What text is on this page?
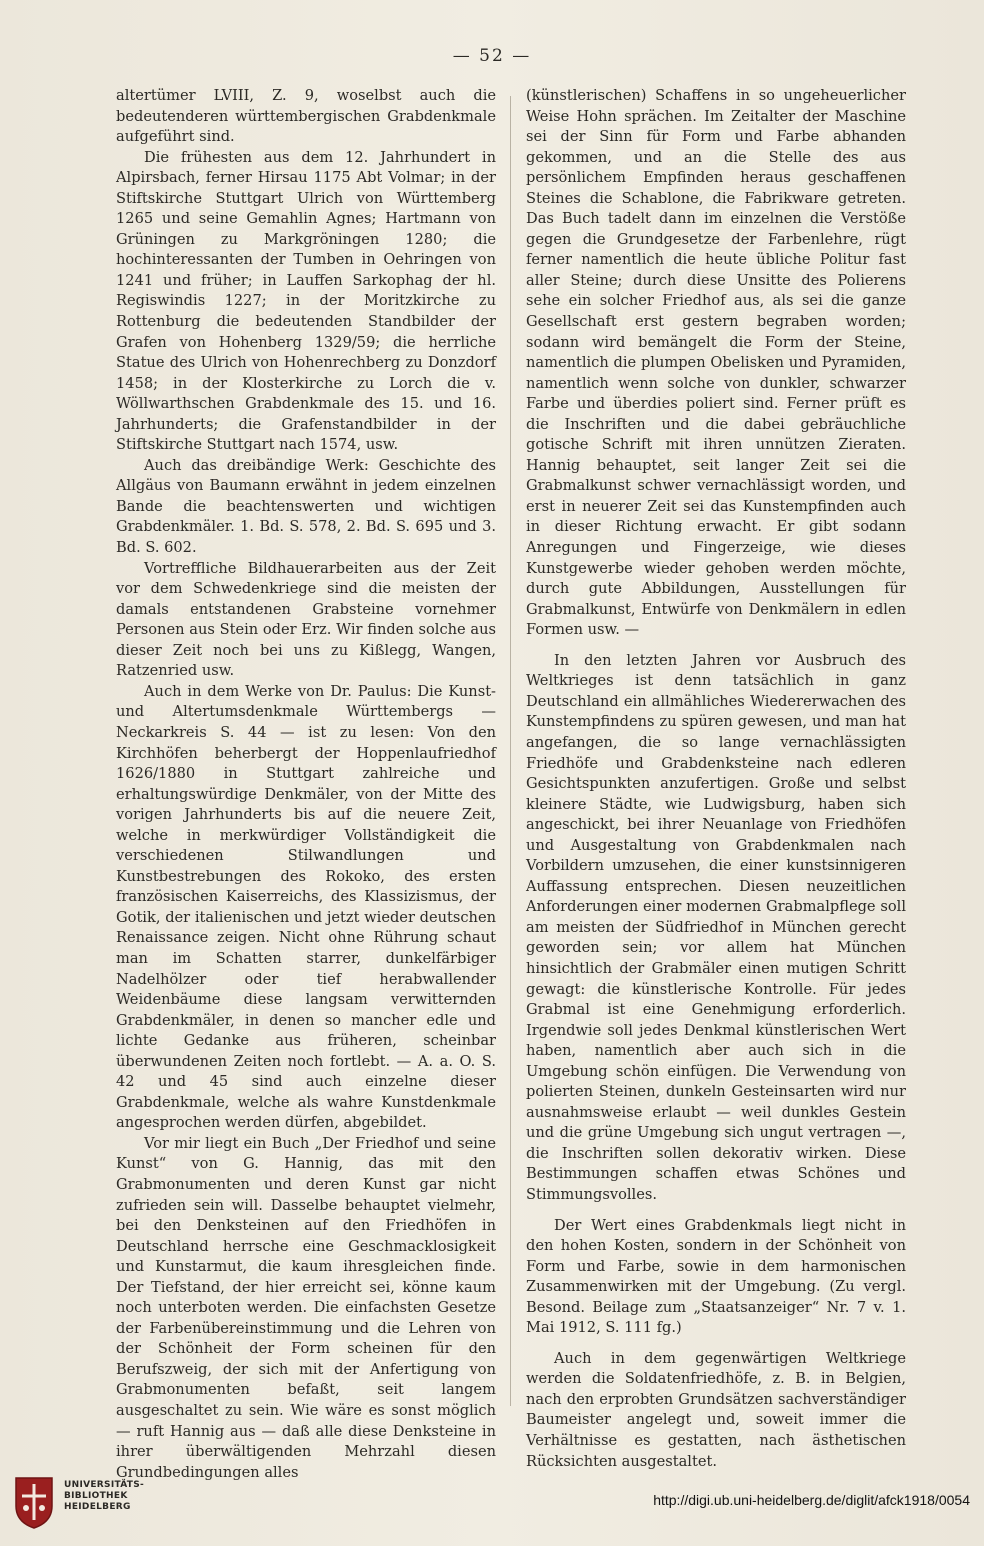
— 52 —

altertümer LVIII, Z. 9, woselbst auch die bedeutenderen württembergischen Grabdenkmale aufgeführt sind.

Die frühesten aus dem 12. Jahrhundert in Alpirsbach, ferner Hirsau 1175 Abt Volmar; in der Stiftskirche Stuttgart Ulrich von Württemberg 1265 und seine Gemahlin Agnes; Hartmann von Grüningen zu Markgröningen 1280; die hochinteressanten der Tumben in Oehringen von 1241 und früher; in Lauffen Sarkophag der hl. Regiswindis 1227; in der Moritzkirche zu Rottenburg die bedeutenden Standbilder der Grafen von Hohenberg 1329/59; die herrliche Statue des Ulrich von Hohenrechberg zu Donzdorf 1458; in der Klosterkirche zu Lorch die v. Wöllwarthschen Grabdenkmale des 15. und 16. Jahrhunderts; die Grafenstandbilder in der Stiftskirche Stuttgart nach 1574, usw.

Auch das dreibändige Werk: Geschichte des Allgäus von Baumann erwähnt in jedem einzelnen Bande die beachtenswerten und wichtigen Grabdenkmäler. 1. Bd. S. 578, 2. Bd. S. 695 und 3. Bd. S. 602.

Vortreffliche Bildhauerarbeiten aus der Zeit vor dem Schwedenkriege sind die meisten der damals entstandenen Grabsteine vornehmer Personen aus Stein oder Erz. Wir finden solche aus dieser Zeit noch bei uns zu Kißlegg, Wangen, Ratzenried usw.

Auch in dem Werke von Dr. Paulus: Die Kunst- und Altertumsdenkmale Württembergs — Neckarkreis S. 44 — ist zu lesen: Von den Kirchhöfen beherbergt der Hoppenlaufriedhof 1626/1880 in Stuttgart zahlreiche und erhaltungswürdige Denkmäler, von der Mitte des vorigen Jahrhunderts bis auf die neuere Zeit, welche in merkwürdiger Vollständigkeit die verschiedenen Stilwandlungen und Kunstbestrebungen des Rokoko, des ersten französischen Kaiserreichs, des Klassizismus, der Gotik, der italienischen und jetzt wieder deutschen Renaissance zeigen. Nicht ohne Rührung schaut man im Schatten starrer, dunkelfärbiger Nadelhölzer oder tief herabwallender Weidenbäume diese langsam verwitternden Grabdenkmäler, in denen so mancher edle und lichte Gedanke aus früheren, scheinbar überwundenen Zeiten noch fortlebt. — A. a. O. S. 42 und 45 sind auch einzelne dieser Grabdenkmale, welche als wahre Kunstdenkmale angesprochen werden dürfen, abgebildet.

Vor mir liegt ein Buch „Der Friedhof und seine Kunst“ von G. Hannig, das mit den Grabmonumenten und deren Kunst gar nicht zufrieden sein will. Dasselbe behauptet vielmehr, bei den Denksteinen auf den Friedhöfen in Deutschland herrsche eine Geschmacklosigkeit und Kunstarmut, die kaum ihresgleichen finde. Der Tiefstand, der hier erreicht sei, könne kaum noch unterboten werden. Die einfachsten Gesetze der Farbenübereinstimmung und die Lehren von der Schönheit der Form scheinen für den Berufszweig, der sich mit der Anfertigung von Grabmonumenten befaßt, seit langem ausgeschaltet zu sein. Wie wäre es sonst möglich — ruft Hannig aus — daß alle diese Denksteine in ihrer überwältigenden Mehrzahl diesen Grundbedingungen alles

(künstlerischen) Schaffens in so ungeheuerlicher Weise Hohn sprächen. Im Zeitalter der Maschine sei der Sinn für Form und Farbe abhanden gekommen, und an die Stelle des aus persönlichem Empfinden heraus geschaffenen Steines die Schablone, die Fabrikware getreten. Das Buch tadelt dann im einzelnen die Verstöße gegen die Grundgesetze der Farbenlehre, rügt ferner namentlich die heute übliche Politur fast aller Steine; durch diese Unsitte des Polierens sehe ein solcher Friedhof aus, als sei die ganze Gesellschaft erst gestern begraben worden; sodann wird bemängelt die Form der Steine, namentlich die plumpen Obelisken und Pyramiden, namentlich wenn solche von dunkler, schwarzer Farbe und überdies poliert sind. Ferner prüft es die Inschriften und die dabei gebräuchliche gotische Schrift mit ihren unnützen Zieraten. Hannig behauptet, seit langer Zeit sei die Grabmalkunst schwer vernachlässigt worden, und erst in neuerer Zeit sei das Kunstempfinden auch in dieser Richtung erwacht. Er gibt sodann Anregungen und Fingerzeige, wie dieses Kunstgewerbe wieder gehoben werden möchte, durch gute Abbildungen, Ausstellungen für Grabmalkunst, Entwürfe von Denkmälern in edlen Formen usw. —

In den letzten Jahren vor Ausbruch des Weltkrieges ist denn tatsächlich in ganz Deutschland ein allmähliches Wiedererwachen des Kunstempfindens zu spüren gewesen, und man hat angefangen, die so lange vernachlässigten Friedhöfe und Grabdenksteine nach edleren Gesichtspunkten anzufertigen. Große und selbst kleinere Städte, wie Ludwigsburg, haben sich angeschickt, bei ihrer Neuanlage von Friedhöfen und Ausgestaltung von Grabdenkmalen nach Vorbildern umzusehen, die einer kunstsinnigeren Auffassung entsprechen. Diesen neuzeitlichen Anforderungen einer modernen Grabmalpflege soll am meisten der Südfriedhof in München gerecht geworden sein; vor allem hat München hinsichtlich der Grabmäler einen mutigen Schritt gewagt: die künstlerische Kontrolle. Für jedes Grabmal ist eine Genehmigung erforderlich. Irgendwie soll jedes Denkmal künstlerischen Wert haben, namentlich aber auch sich in die Umgebung schön einfügen. Die Verwendung von polierten Steinen, dunkeln Gesteinsarten wird nur ausnahmsweise erlaubt — weil dunkles Gestein und die grüne Umgebung sich ungut vertragen —, die Inschriften sollen dekorativ wirken. Diese Bestimmungen schaffen etwas Schönes und Stimmungsvolles.

Der Wert eines Grabdenkmals liegt nicht in den hohen Kosten, sondern in der Schönheit von Form und Farbe, sowie in dem harmonischen Zusammenwirken mit der Umgebung. (Zu vergl. Besond. Beilage zum „Staatsanzeiger“ Nr. 7 v. 1. Mai 1912, S. 111 fg.)

Auch in dem gegenwärtigen Weltkriege werden die Soldatenfriedhöfe, z. B. in Belgien, nach den erprobten Grundsätzen sachverständiger Baumeister angelegt und, soweit immer die Verhältnisse es gestatten, nach ästhetischen Rücksichten ausgestaltet.

UNIVERSITÄTS-
BIBLIOTHEK
HEIDELBERG	http://digi.ub.uni-heidelberg.de/diglit/afck1918/0054
